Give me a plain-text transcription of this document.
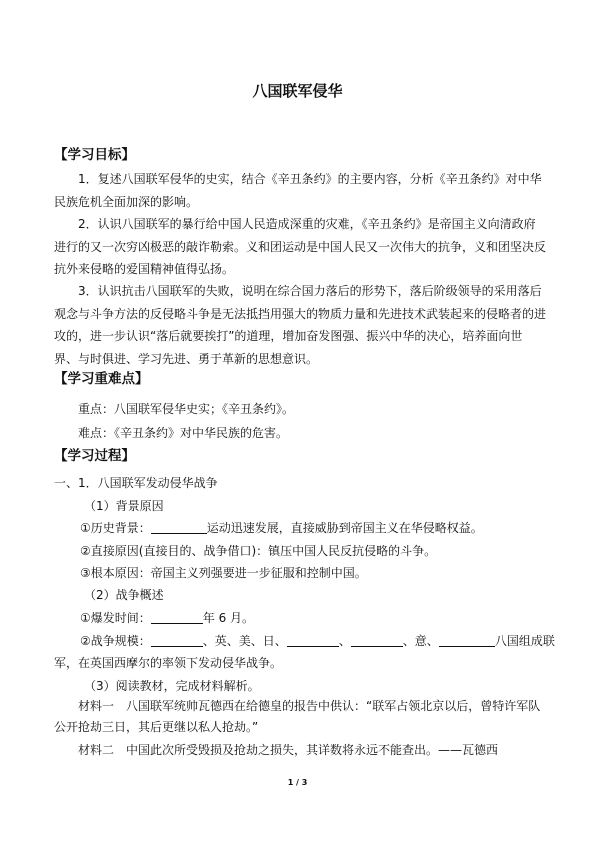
八国联军侵华
【学习目标】
1．复述八国联军侵华的史实，结合《辛丑条约》的主要内容，分析《辛丑条约》对中华民族危机全面加深的影响。
2．认识八国联军的暴行给中国人民造成深重的灾难，《辛丑条约》是帝国主义向清政府进行的又一次穷凶极恶的敲诈勒索。义和团运动是中国人民又一次伟大的抗争，义和团坚决反抗外来侵略的爱国精神值得弘扬。
3．认识抗击八国联军的失败，说明在综合国力落后的形势下，落后阶级领导的采用落后观念与斗争方法的反侵略斗争是无法抵挡用强大的物质力量和先进技术武装起来的侵略者的进攻的，进一步认识“落后就要挨打”的道理，增加奋发图强、振兴中华的决心，培养面向世界、与时俱进、学习先进、勇于革新的思想意识。
【学习重难点】
重点：八国联军侵华史实；《辛丑条约》。
难点：《辛丑条约》对中华民族的危害。
【学习过程】
一、1．八国联军发动侵华战争
（1）背景原因
①历史背景：	运动迅速发展，直接威胁到帝国主义在华侵略权益。
②直接原因(直接目的、战争借口)：镇压中国人民反抗侵略的斗争。
③根本原因：帝国主义列强要进一步征服和控制中国。
（2）战争概述
①爆发时间：	年 6 月。
②战争规模：	、英、美、日、	、	、意、	八国组成联
军，在英国西摩尔的率领下发动侵华战争。
（3）阅读教材，完成材料解析。
材料一　八国联军统帅瓦德西在给德皇的报告中供认：“联军占领北京以后，曾特许军队公开抢劫三日，其后更继以私人抢劫。”
材料二　中国此次所受毁损及抢劫之损失，其详数将永远不能查出。——瓦德西
1 / 3
